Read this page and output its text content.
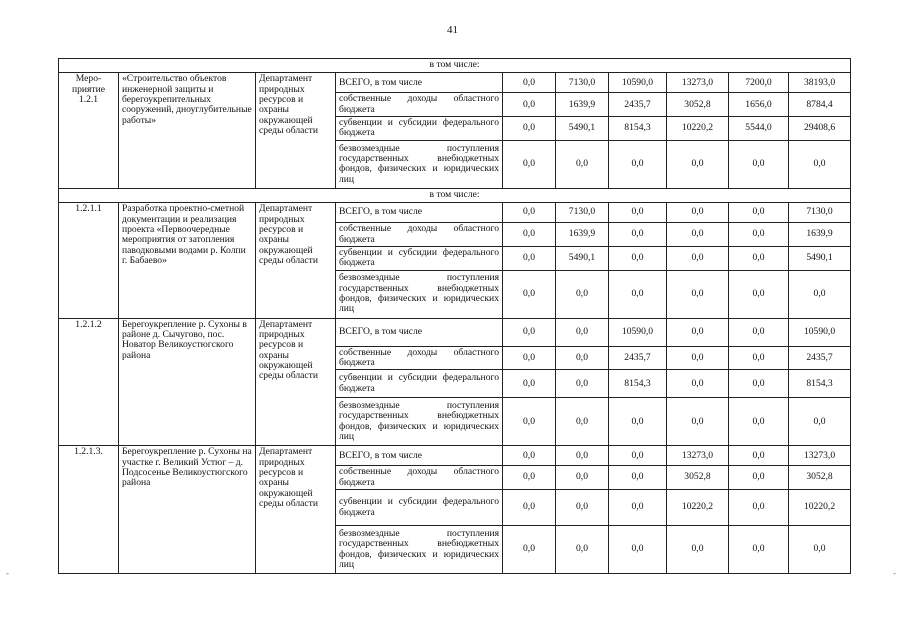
41
в том числе:									
Меро-
приятие
1.2.1	«Строительство объектов инженерной защиты и берегоукрепительных сооружений, дноуглубительные работы»	Департамент природных ресурсов и охраны окружающей среды области	ВСЕГО, в том числе	0,0	7130,0	10590,0	13273,0	7200,0	38193,0
			собственные доходы областного бюджета	0,0	1639,9	2435,7	3052,8	1656,0	8784,4
			субвенции и субсидии федерального бюджета	0,0	5490,1	8154,3	10220,2	5544,0	29408,6
			безвозмездные поступления государственных внебюджетных фондов, физических и юридических лиц	0,0	0,0	0,0	0,0	0,0	0,0
в том числе:									
1.2.1.1	Разработка проектно-сметной документации и реализация проекта «Первоочередные мероприятия от затопления паводковыми водами р. Колпи г. Бабаево»	Департамент природных ресурсов и охраны окружающей среды области	ВСЕГО, в том числе	0,0	7130,0	0,0	0,0	0,0	7130,0
			собственные доходы областного бюджета	0,0	1639,9	0,0	0,0	0,0	1639,9
			субвенции и субсидии федерального бюджета	0,0	5490,1	0,0	0,0	0,0	5490,1
			безвозмездные поступления государственных внебюджетных фондов, физических и юридических лиц	0,0	0,0	0,0	0,0	0,0	0,0
1.2.1.2	Берегоукрепление р. Сухоны в районе д. Сычугово, пос. Новатор Великоустюгского района	Департамент природных ресурсов и охраны окружающей среды области	ВСЕГО, в том числе	0,0	0,0	10590,0	0,0	0,0	10590,0
			собственные доходы областного бюджета	0,0	0,0	2435,7	0,0	0,0	2435,7
			субвенции и субсидии федерального бюджета	0,0	0,0	8154,3	0,0	0,0	8154,3
			безвозмездные поступления государственных внебюджетных фондов, физических и юридических лиц	0,0	0,0	0,0	0,0	0,0	0,0
1.2.1.3.	Берегоукрепление р. Сухоны на участке г. Великий Устюг – д. Подсосенье Великоустюгского района	Департамент природных ресурсов и охраны окружающей среды области	ВСЕГО, в том числе	0,0	0,0	0,0	13273,0	0,0	13273,0
			собственные доходы областного бюджета	0,0	0,0	0,0	3052,8	0,0	3052,8
			субвенции и субсидии федерального бюджета	0,0	0,0	0,0	10220,2	0,0	10220,2
			безвозмездные поступления государственных внебюджетных фондов, физических и юридических лиц	0,0	0,0	0,0	0,0	0,0	0,0
-	-
